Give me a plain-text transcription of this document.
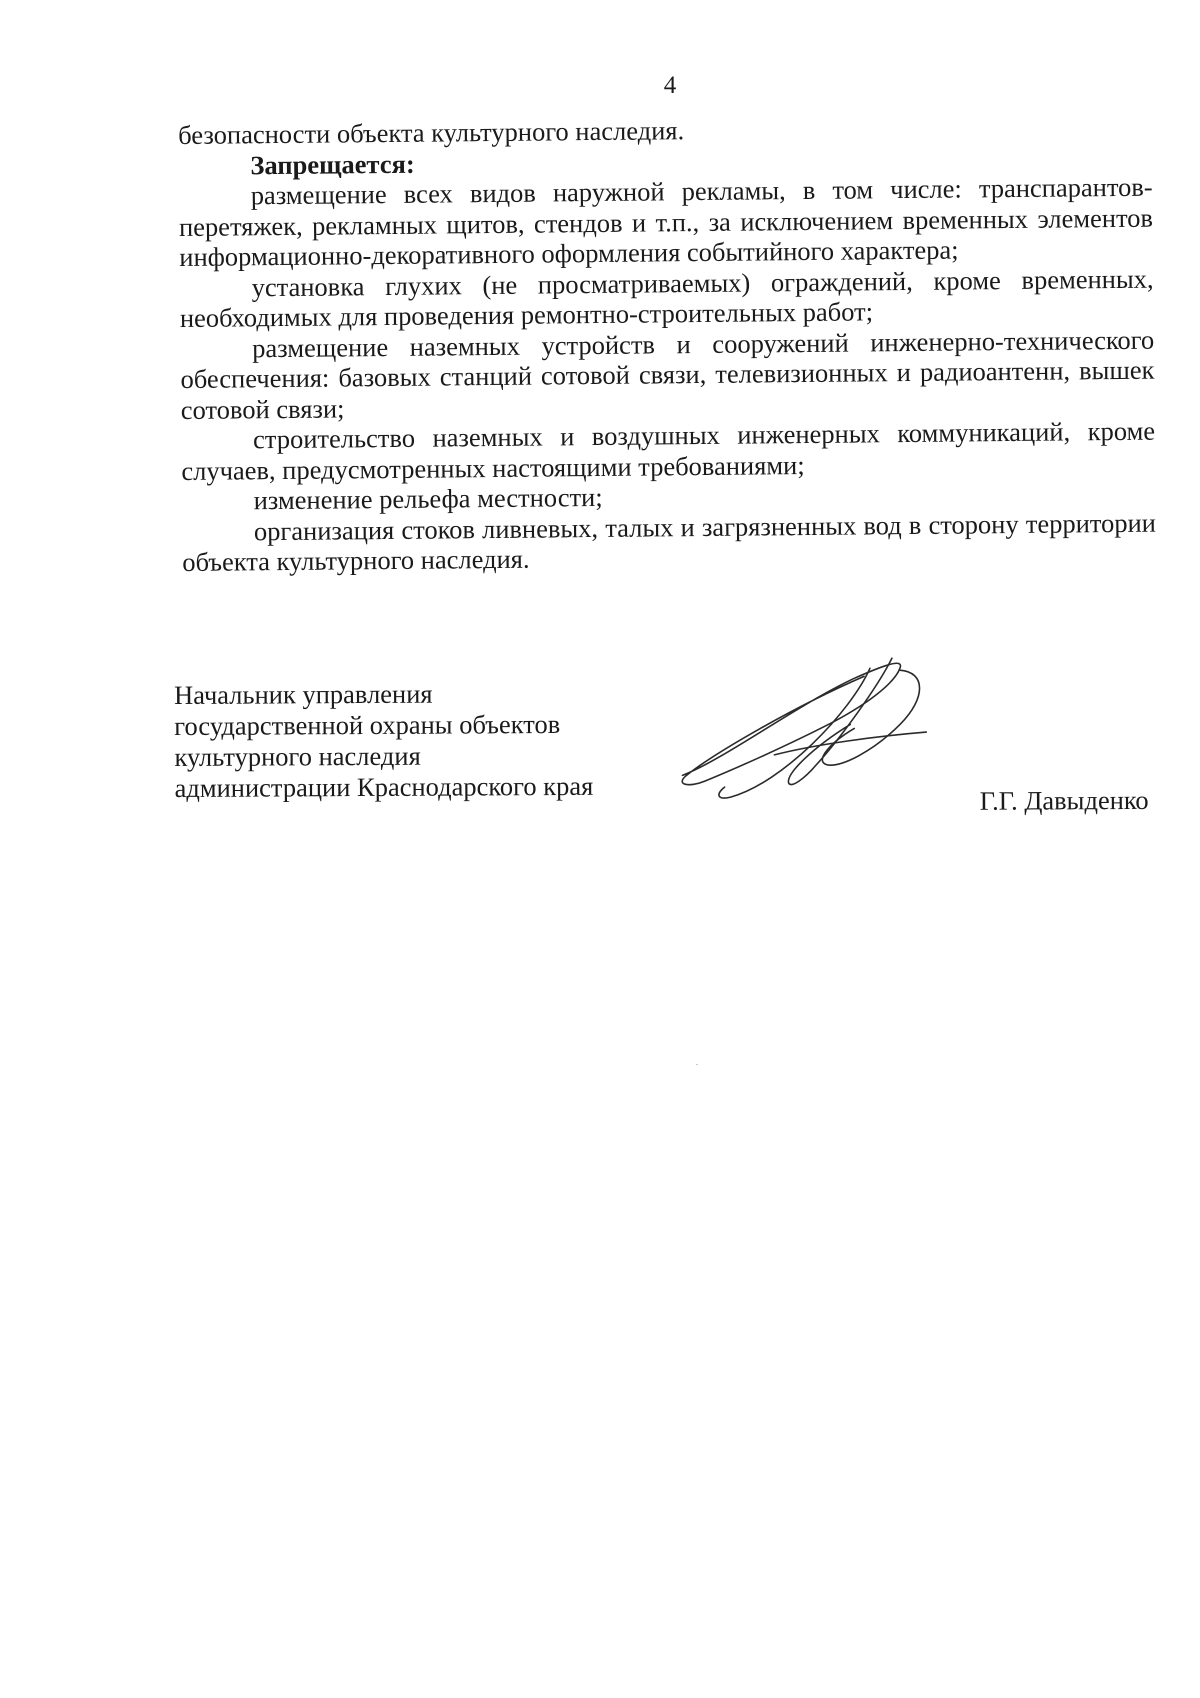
4

безопасности объекта культурного наследия.

Запрещается:

размещение всех видов наружной рекламы, в том числе: транспарантов-перетяжек, рекламных щитов, стендов и т.п., за исключением временных элементов информационно-декоративного оформления событийного характера;

установка глухих (не просматриваемых) ограждений, кроме временных, необходимых для проведения ремонтно-строительных работ;

размещение наземных устройств и сооружений инженерно-технического обеспечения: базовых станций сотовой связи, телевизионных и радиоантенн, вышек сотовой связи;

строительство наземных и воздушных инженерных коммуникаций, кроме случаев, предусмотренных настоящими требованиями;

изменение рельефа местности;

организация стоков ливневых, талых и загрязненных вод в сторону территории объекта культурного наследия.

Начальник управления
государственной охраны объектов
культурного наследия
администрации Краснодарского края	Г.Г. Давыденко
